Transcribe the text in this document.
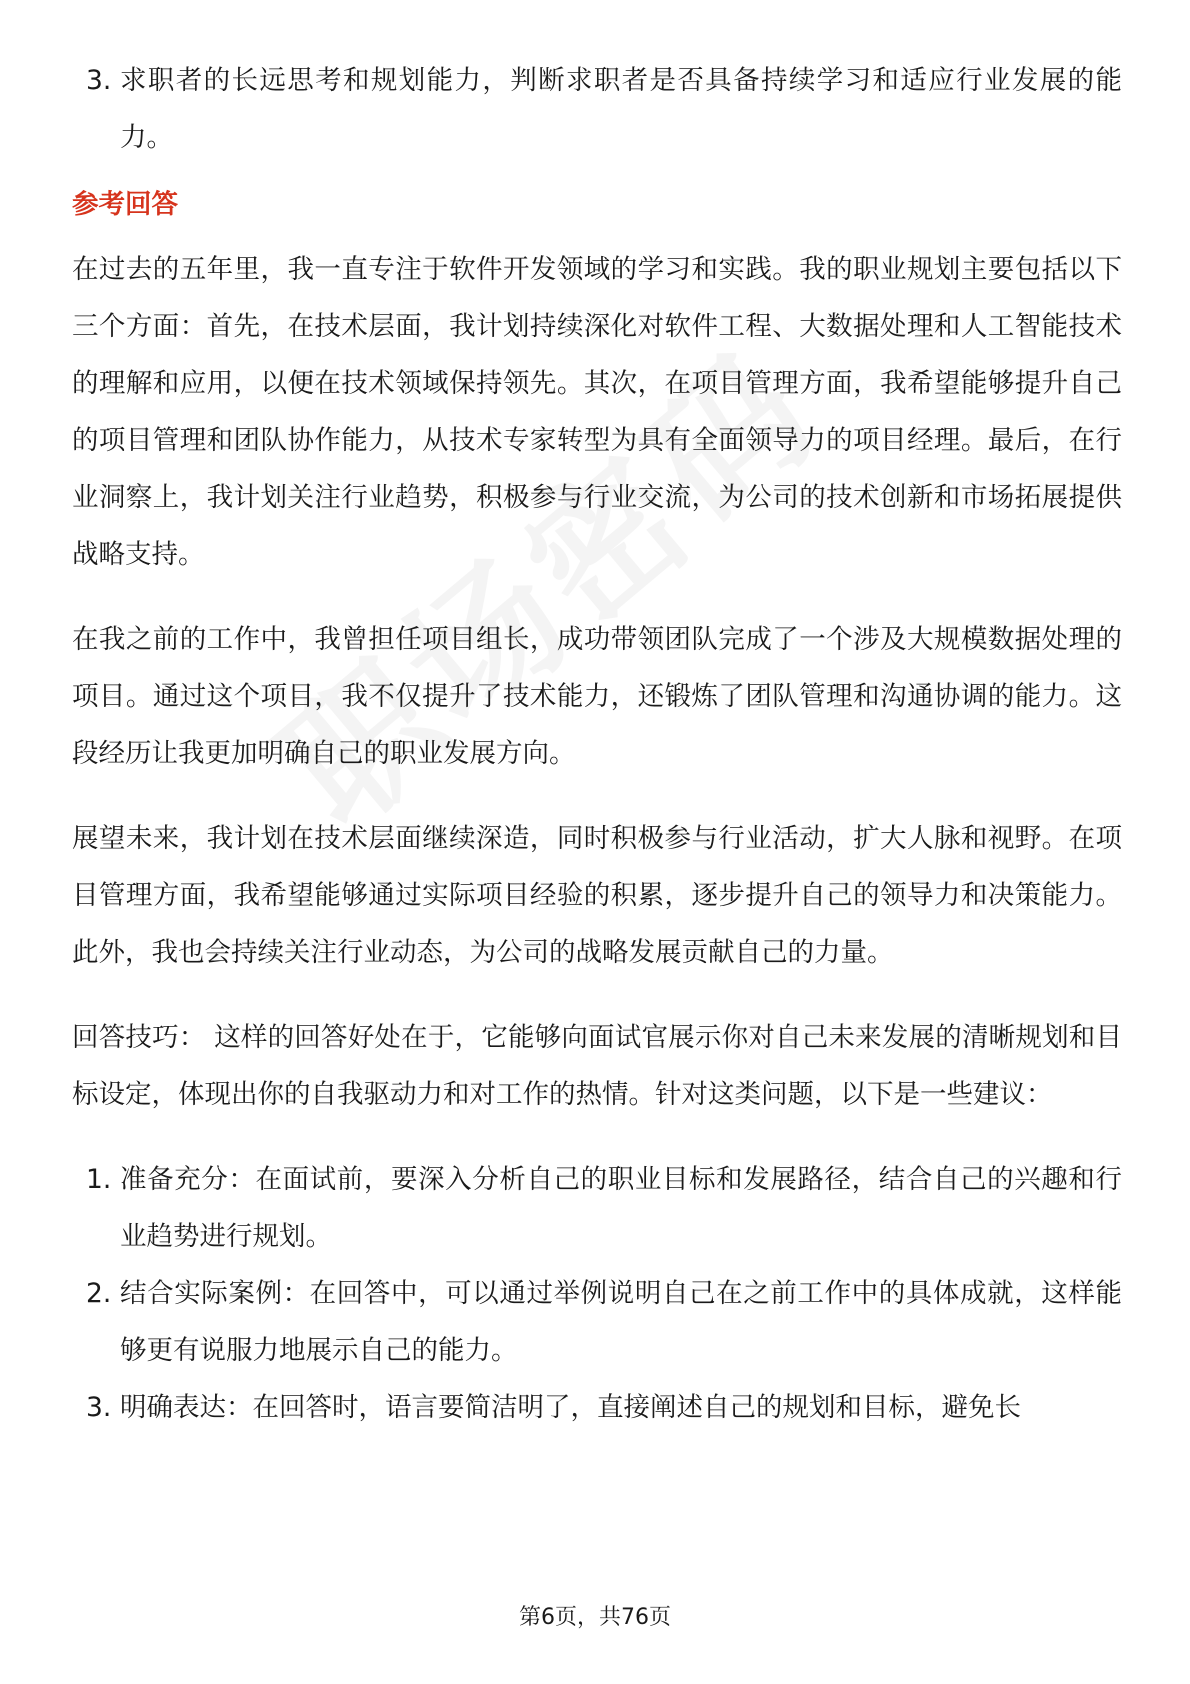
3. 求职者的长远思考和规划能力，判断求职者是否具备持续学习和适应行业发展的能力。
参考回答

在过去的五年里，我一直专注于软件开发领域的学习和实践。我的职业规划主要包括以下三个方面：首先，在技术层面，我计划持续深化对软件工程、大数据处理和人工智能技术的理解和应用，以便在技术领域保持领先。其次，在项目管理方面，我希望能够提升自己的项目管理和团队协作能力，从技术专家转型为具有全面领导力的项目经理。最后，在行业洞察上，我计划关注行业趋势，积极参与行业交流，为公司的技术创新和市场拓展提供战略支持。

在我之前的工作中，我曾担任项目组长，成功带领团队完成了一个涉及大规模数据处理的项目。通过这个项目，我不仅提升了技术能力，还锻炼了团队管理和沟通协调的能力。这段经历让我更加明确自己的职业发展方向。

展望未来，我计划在技术层面继续深造，同时积极参与行业活动，扩大人脉和视野。在项目管理方面，我希望能够通过实际项目经验的积累，逐步提升自己的领导力和决策能力。此外，我也会持续关注行业动态，为公司的战略发展贡献自己的力量。

回答技巧： 这样的回答好处在于，它能够向面试官展示你对自己未来发展的清晰规划和目标设定，体现出你的自我驱动力和对工作的热情。针对这类问题，以下是一些建议：

1. 准备充分：在面试前，要深入分析自己的职业目标和发展路径，结合自己的兴趣和行业趋势进行规划。
2. 结合实际案例：在回答中，可以通过举例说明自己在之前工作中的具体成就，这样能够更有说服力地展示自己的能力。
3. 明确表达：在回答时，语言要简洁明了，直接阐述自己的规划和目标，避免长
第6页，共76页
